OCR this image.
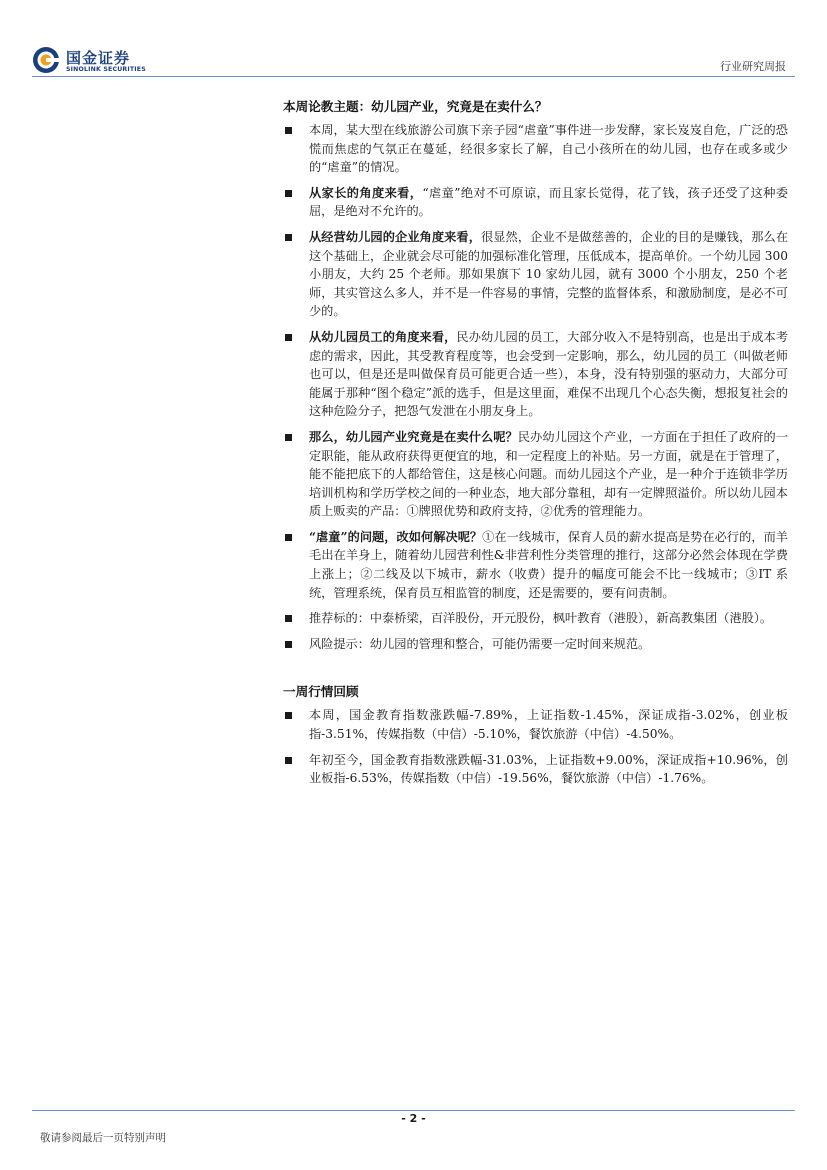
国金证券
SINOLINK SECURITIES	行业研究周报
本周论教主题：幼儿园产业，究竟是在卖什么？
本周，某大型在线旅游公司旗下亲子园“虐童”事件进一步发酵，家长岌岌自危，广泛的恐慌而焦虑的气氛正在蔓延，经很多家长了解，自己小孩所在的幼儿园，也存在或多或少的“虐童”的情况。
从家长的角度来看，“虐童”绝对不可原谅，而且家长觉得，花了钱，孩子还受了这种委屈，是绝对不允许的。
从经营幼儿园的企业角度来看，很显然，企业不是做慈善的，企业的目的是赚钱，那么在这个基础上，企业就会尽可能的加强标准化管理，压低成本，提高单价。一个幼儿园 300 小朋友，大约 25 个老师。那如果旗下 10 家幼儿园，就有 3000 个小朋友，250 个老师，其实管这么多人，并不是一件容易的事情，完整的监督体系，和激励制度，是必不可少的。
从幼儿园员工的角度来看，民办幼儿园的员工，大部分收入不是特别高，也是出于成本考虑的需求，因此，其受教育程度等，也会受到一定影响，那么，幼儿园的员工（叫做老师也可以，但是还是叫做保育员可能更合适一些），本身，没有特别强的驱动力，大部分可能属于那种“图个稳定”派的选手，但是这里面，难保不出现几个心态失衡，想报复社会的这种危险分子，把怨气发泄在小朋友身上。
那么，幼儿园产业究竟是在卖什么呢？民办幼儿园这个产业，一方面在于担任了政府的一定职能，能从政府获得更便宜的地，和一定程度上的补贴。另一方面，就是在于管理了，能不能把底下的人都给管住，这是核心问题。而幼儿园这个产业，是一种介于连锁非学历培训机构和学历学校之间的一种业态，地大部分靠租，却有一定牌照溢价。所以幼儿园本质上贩卖的产品：①牌照优势和政府支持，②优秀的管理能力。
“虐童”的问题，改如何解决呢？①在一线城市，保育人员的薪水提高是势在必行的，而羊毛出在羊身上，随着幼儿园营利性&非营利性分类管理的推行，这部分必然会体现在学费上涨上；②二线及以下城市，薪水（收费）提升的幅度可能会不比一线城市；③IT 系统，管理系统，保育员互相监管的制度，还是需要的，要有问责制。
推荐标的：中泰桥梁，百洋股份，开元股份，枫叶教育（港股），新高教集团（港股）。
风险提示：幼儿园的管理和整合，可能仍需要一定时间来规范。
一周行情回顾
本周，国金教育指数涨跌幅-7.89%，上证指数-1.45%，深证成指-3.02%，创业板指-3.51%，传媒指数（中信）-5.10%，餐饮旅游（中信）-4.50%。
年初至今，国金教育指数涨跌幅-31.03%，上证指数+9.00%，深证成指+10.96%，创业板指-6.53%，传媒指数（中信）-19.56%，餐饮旅游（中信）-1.76%。
- 2 -
敬请参阅最后一页特别声明
